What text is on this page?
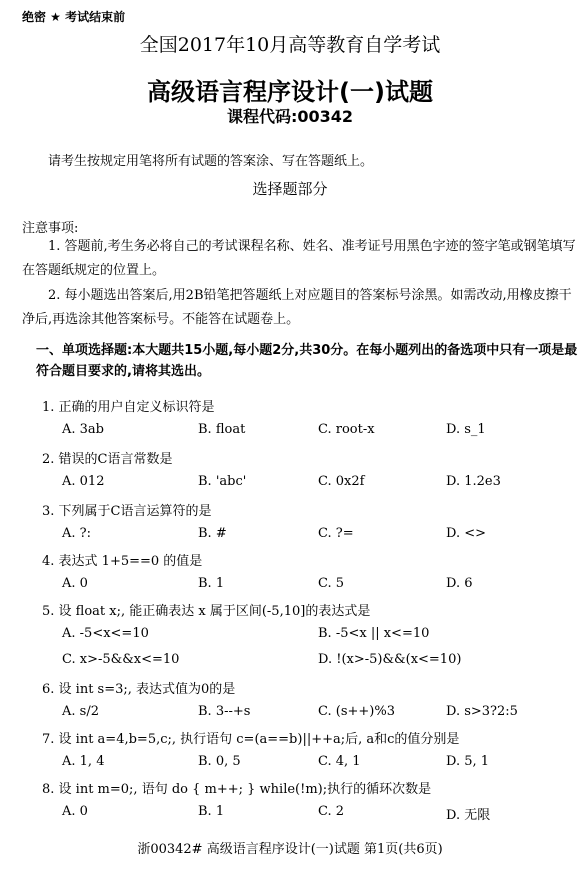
绝密 ★ 考试结束前
全国2017年10月高等教育自学考试
高级语言程序设计(一)试题
课程代码:00342
请考生按规定用笔将所有试题的答案涂、写在答题纸上。
选择题部分
注意事项:
1. 答题前,考生务必将自己的考试课程名称、姓名、准考证号用黑色字迹的签字笔或钢笔填写在答题纸规定的位置上。
2. 每小题选出答案后,用2B铅笔把答题纸上对应题目的答案标号涂黑。如需改动,用橡皮擦干净后,再选涂其他答案标号。不能答在试题卷上。
一、单项选择题:本大题共15小题,每小题2分,共30分。在每小题列出的备选项中只有一项是最符合题目要求的,请将其选出。
1. 正确的用户自定义标识符是
A. 3ab	B. float	C. root-x	D. s_1
2. 错误的C语言常数是
A. 012	B. 'abc'	C. 0x2f	D. 1.2e3
3. 下列属于C语言运算符的是
A. ?:	B. #	C. ?=	D. <>
4. 表达式 1+5==0 的值是
A. 0	B. 1	C. 5	D. 6
5. 设 float x;, 能正确表达 x 属于区间(-5,10]的表达式是
A. -5<x<=10	B. -5<x || x<=10
C. x>-5&&x<=10	D. !(x>-5)&&(x<=10)
6. 设 int s=3;, 表达式值为0的是
A. s/2	B. 3--+s	C. (s++)%3	D. s>3?2:5
7. 设 int a=4,b=5,c;, 执行语句 c=(a==b)||++a;后, a和c的值分别是
A. 1, 4	B. 0, 5	C. 4, 1	D. 5, 1
8. 设 int m=0;, 语句 do { m++; } while(!m);执行的循环次数是
A. 0	B. 1	C. 2	D. 无限
浙00342# 高级语言程序设计(一)试题 第1页(共6页)
